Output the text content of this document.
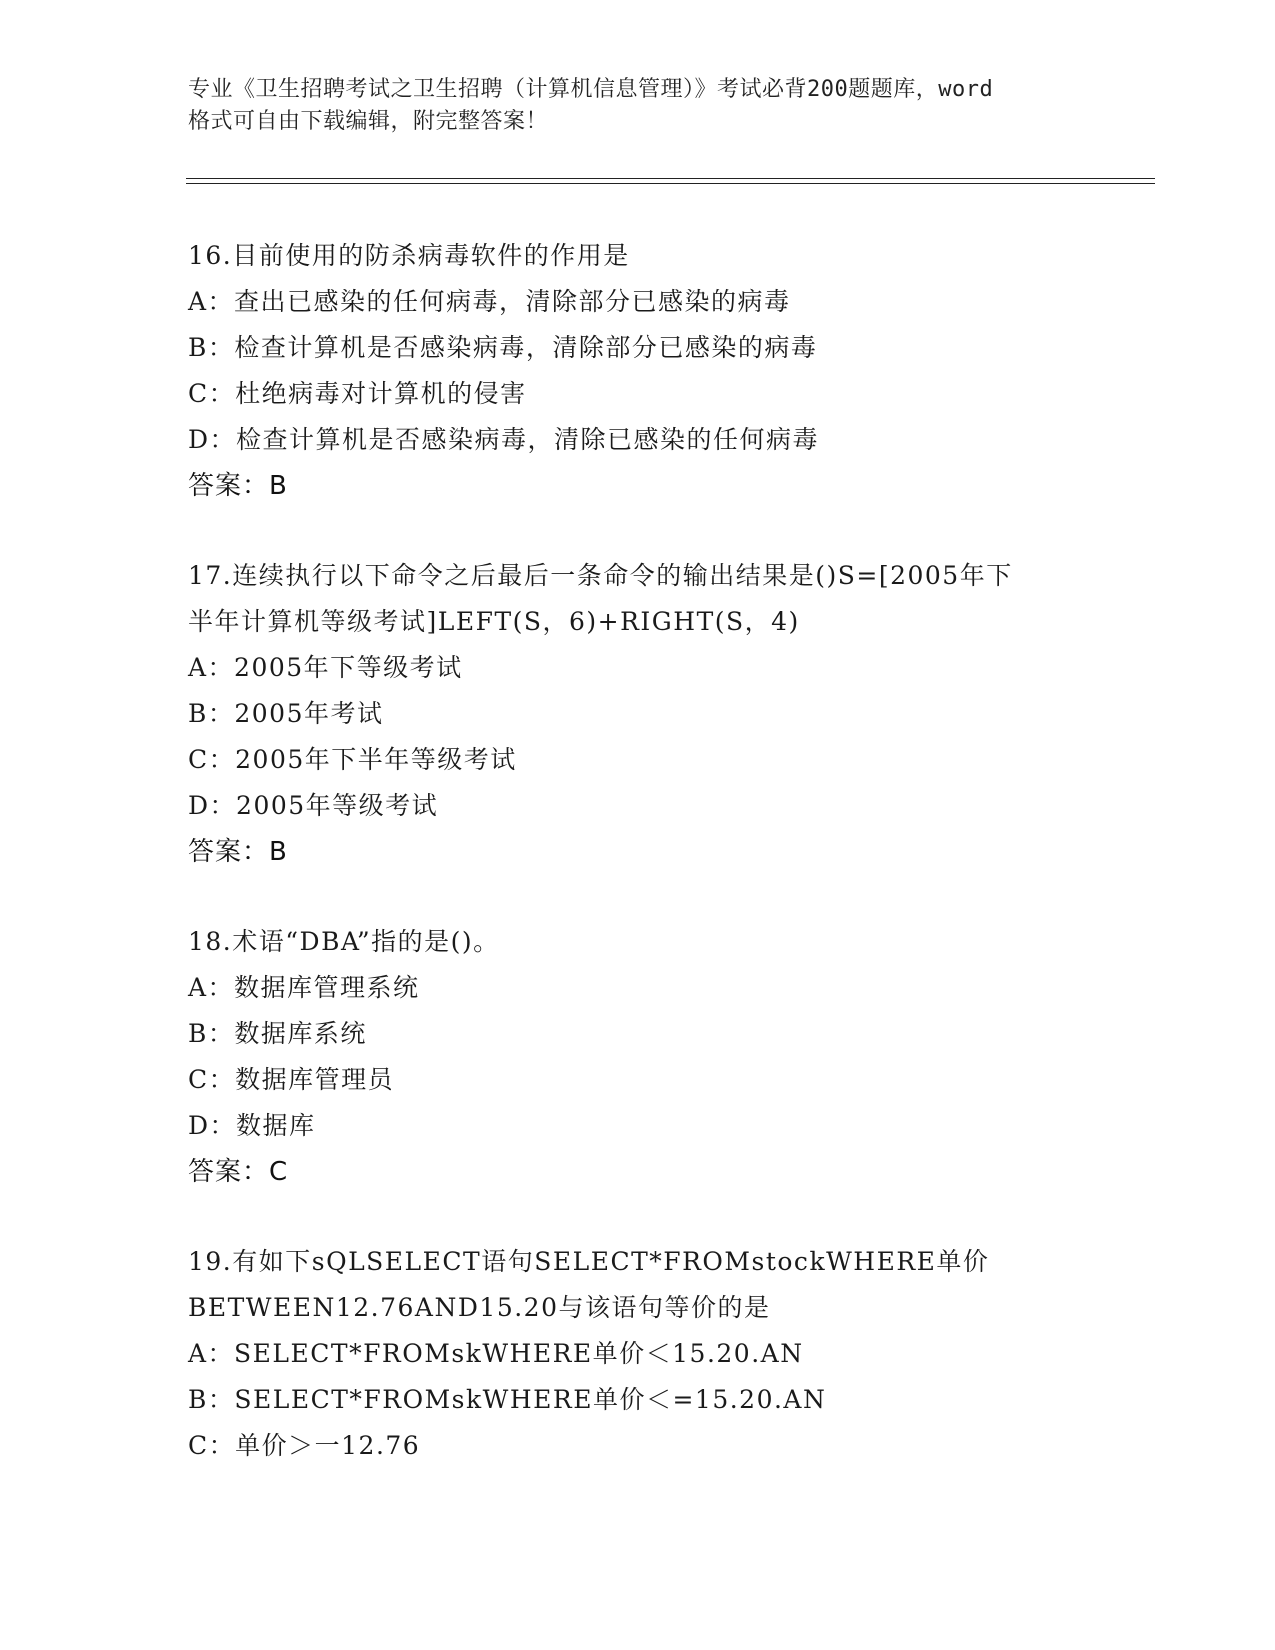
专业《卫生招聘考试之卫生招聘（计算机信息管理）》考试必背200题题库，word
格式可自由下载编辑，附完整答案！
16.目前使用的防杀病毒软件的作用是
A：查出已感染的任何病毒，清除部分已感染的病毒
B：检查计算机是否感染病毒，清除部分已感染的病毒
C：杜绝病毒对计算机的侵害
D：检查计算机是否感染病毒，清除已感染的任何病毒
答案：B
17.连续执行以下命令之后最后一条命令的输出结果是()S=[2005年下
半年计算机等级考试]LEFT(S，6)+RIGHT(S，4)
A：2005年下等级考试
B：2005年考试
C：2005年下半年等级考试
D：2005年等级考试
答案：B
18.术语“DBA”指的是()。
A：数据库管理系统
B：数据库系统
C：数据库管理员
D：数据库
答案：C
19.有如下sQLSELECT语句SELECT*FROMstockWHERE单价
BETWEEN12.76AND15.20与该语句等价的是
A：SELECT*FROMskWHERE单价＜15.20.AN
B：SELECT*FROMskWHERE单价＜=15.20.AN
C：单价＞一12.76
